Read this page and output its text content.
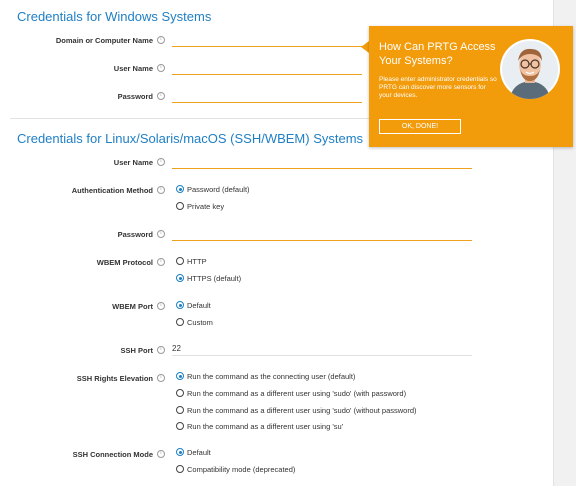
Credentials for Windows Systems
Domain or Computer Name	i
User Name	i
Password	i
Credentials for Linux/Solaris/macOS (SSH/WBEM) Systems
User Name	i
Authentication Method	i	Password (default)
Private key
Password	i
WBEM Protocol	i	HTTP
HTTPS (default)
WBEM Port	i	Default
Custom
SSH Port	i	22
SSH Rights Elevation	i	Run the command as the connecting user (default)
Run the command as a different user using 'sudo' (with password)
Run the command as a different user using 'sudo' (without password)
Run the command as a different user using 'su'
SSH Connection Mode	i	Default
Compatibility mode (deprecated)
How Can PRTG Access Your Systems?
Please enter administrator credentials so PRTG can discover more sensors for your devices.
OK, DONE!
